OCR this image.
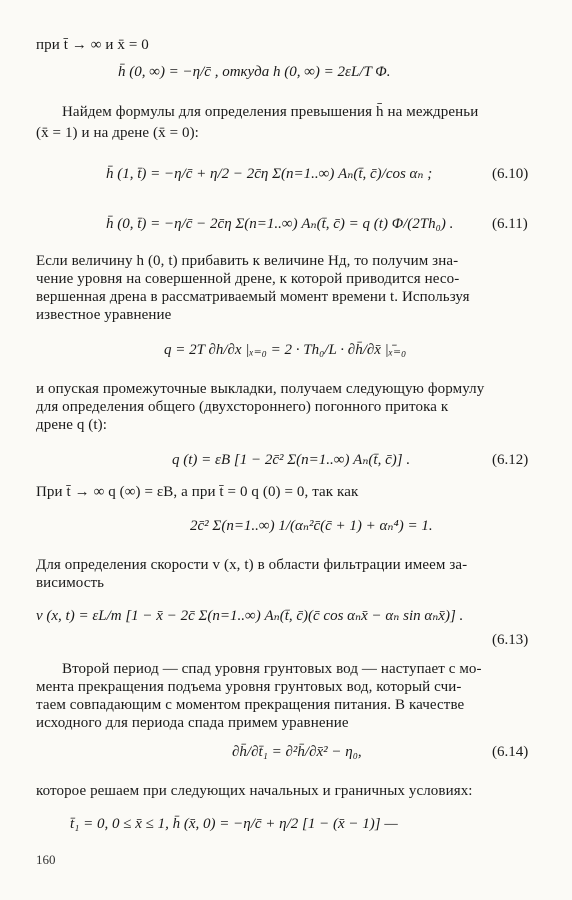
при t̄ → ∞ и x̄ = 0
h̄ (0, ∞) = −η/c̄ , откуда h (0, ∞) = 2εL/T Φ.
Найдем формулы для определения превышения h̄ на междреньи
(x̄ = 1) и на дрене (x̄ = 0):
h̄ (1, t̄) = −η/c̄ + η/2 − 2c̄η Σ(n=1..∞) Aₙ(t̄, c̄)/cos αₙ ;	(6.10)
h̄ (0, t̄) = −η/c̄ − 2c̄η Σ(n=1..∞) Aₙ(t̄, c̄) = q (t) Φ/(2Th₀) .	(6.11)
Если величину h (0, t) прибавить к величине Hд, то получим зна-
чение уровня на совершенной дрене, к которой приводится несо-
вершенная дрена в рассматриваемый момент времени t. Используя
известное уравнение
q = 2T ∂h/∂x |ₓ₌₀ = 2 · Th₀/L · ∂h̄/∂x̄ |ₓ̄₌₀
и опуская промежуточные выкладки, получаем следующую формулу
для определения общего (двухстороннего) погонного притока к
дрене q (t):
q (t) = εB [1 − 2c̄² Σ(n=1..∞) Aₙ(t̄, c̄)] .	(6.12)
При t̄ → ∞ q (∞) = εB, а при t̄ = 0 q (0) = 0, так как
2c̄² Σ(n=1..∞) 1/(αₙ²c̄(c̄ + 1) + αₙ⁴) = 1.
Для определения скорости v (x, t) в области фильтрации имеем за-
висимость
v (x, t) = εL/m [1 − x̄ − 2c̄ Σ(n=1..∞) Aₙ(t̄, c̄)(c̄ cos αₙx̄ − αₙ sin αₙx̄)] .
(6.13)
Второй период — спад уровня грунтовых вод — наступает с мо-
мента прекращения подъема уровня грунтовых вод, который счи-
таем совпадающим с моментом прекращения питания. В качестве
исходного для периода спада примем уравнение
∂h̄/∂t̄₁ = ∂²h̄/∂x̄² − η₀,	(6.14)
которое решаем при следующих начальных и граничных условиях:
t̄₁ = 0, 0 ≤ x̄ ≤ 1, h̄ (x̄, 0) = −η/c̄ + η/2 [1 − (x̄ − 1)] —
160
